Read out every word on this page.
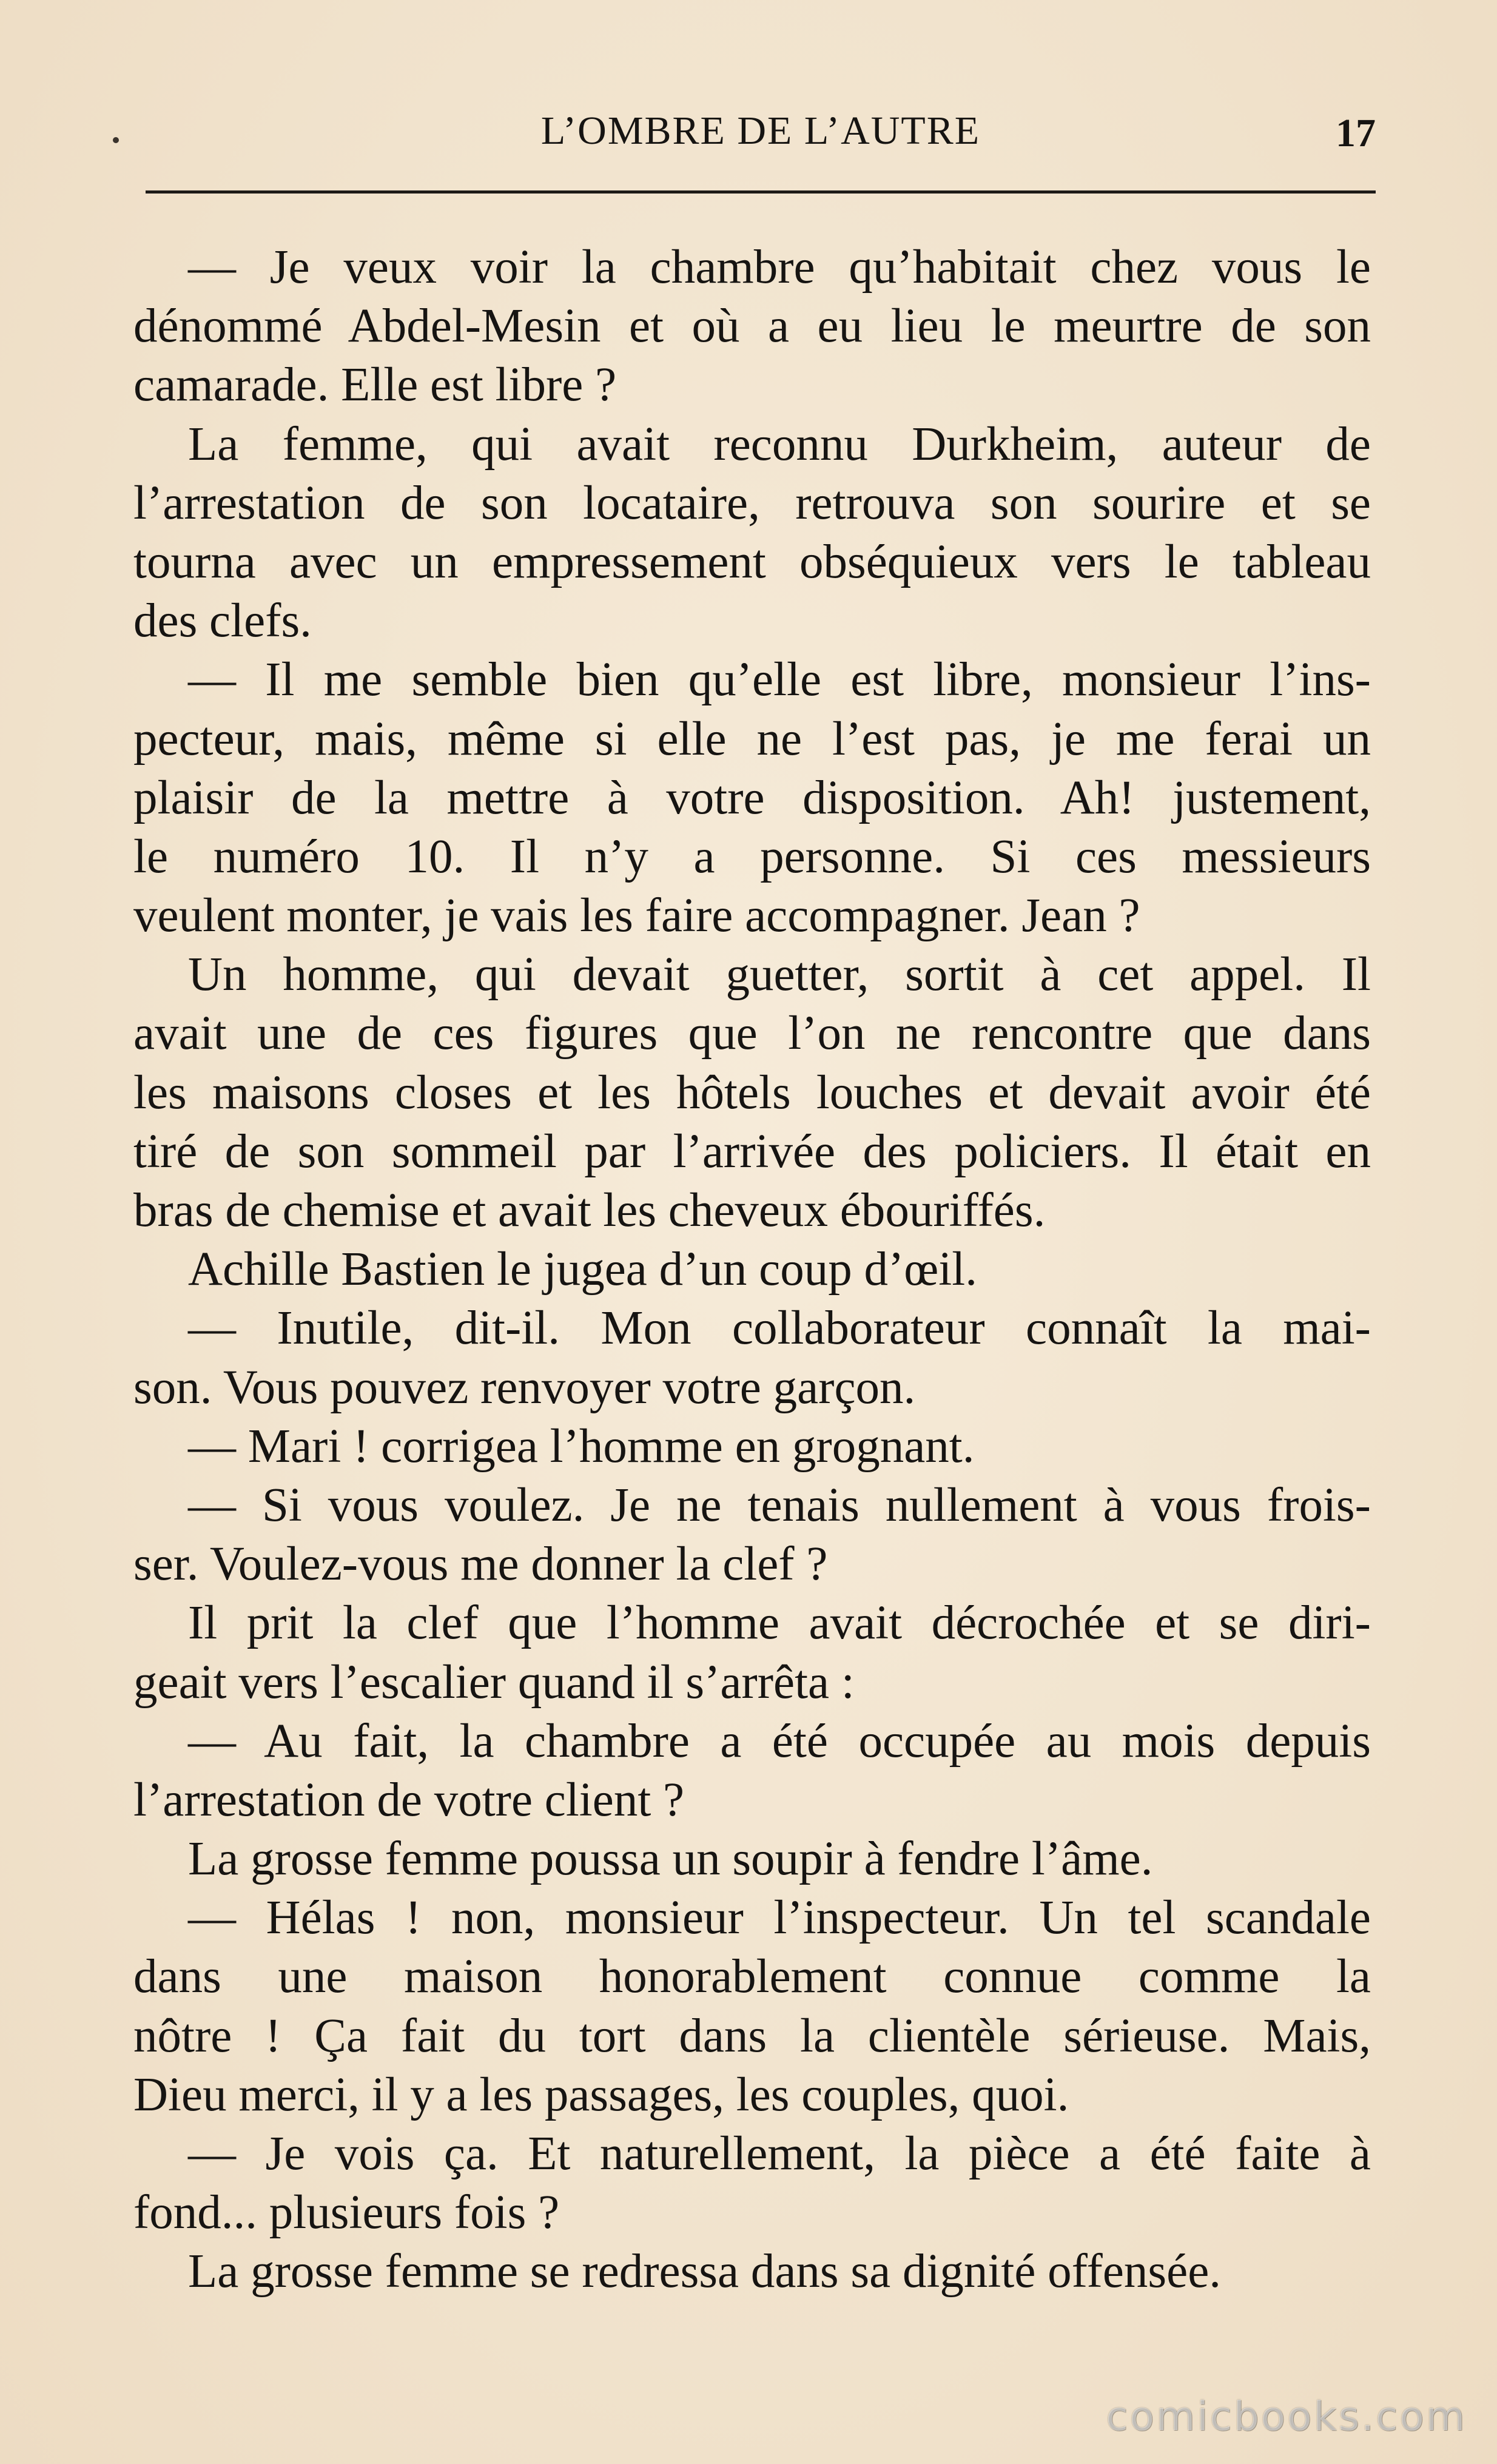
L’OMBRE DE L’AUTRE	17
— Je veux voir la chambre qu’habitait chez vous le
dénommé Abdel-Mesin et où a eu lieu le meurtre de son
camarade. Elle est libre ?
La femme, qui avait reconnu Durkheim, auteur de
l’arrestation de son locataire, retrouva son sourire et se
tourna avec un empressement obséquieux vers le tableau
des clefs.
— Il me semble bien qu’elle est libre, monsieur l’ins-
pecteur, mais, même si elle ne l’est pas, je me ferai un
plaisir de la mettre à votre disposition. Ah! justement,
le numéro 10. Il n’y a personne. Si ces messieurs
veulent monter, je vais les faire accompagner. Jean ?
Un homme, qui devait guetter, sortit à cet appel. Il
avait une de ces figures que l’on ne rencontre que dans
les maisons closes et les hôtels louches et devait avoir été
tiré de son sommeil par l’arrivée des policiers. Il était en
bras de chemise et avait les cheveux ébouriffés.
Achille Bastien le jugea d’un coup d’œil.
— Inutile, dit-il. Mon collaborateur connaît la mai-
son. Vous pouvez renvoyer votre garçon.
— Mari ! corrigea l’homme en grognant.
— Si vous voulez. Je ne tenais nullement à vous frois-
ser. Voulez-vous me donner la clef ?
Il prit la clef que l’homme avait décrochée et se diri-
geait vers l’escalier quand il s’arrêta :
— Au fait, la chambre a été occupée au mois depuis
l’arrestation de votre client ?
La grosse femme poussa un soupir à fendre l’âme.
— Hélas ! non, monsieur l’inspecteur. Un tel scandale
dans une maison honorablement connue comme la
nôtre ! Ça fait du tort dans la clientèle sérieuse. Mais,
Dieu merci, il y a les passages, les couples, quoi.
— Je vois ça. Et naturellement, la pièce a été faite à
fond... plusieurs fois ?
La grosse femme se redressa dans sa dignité offensée.
comicbooks.com
